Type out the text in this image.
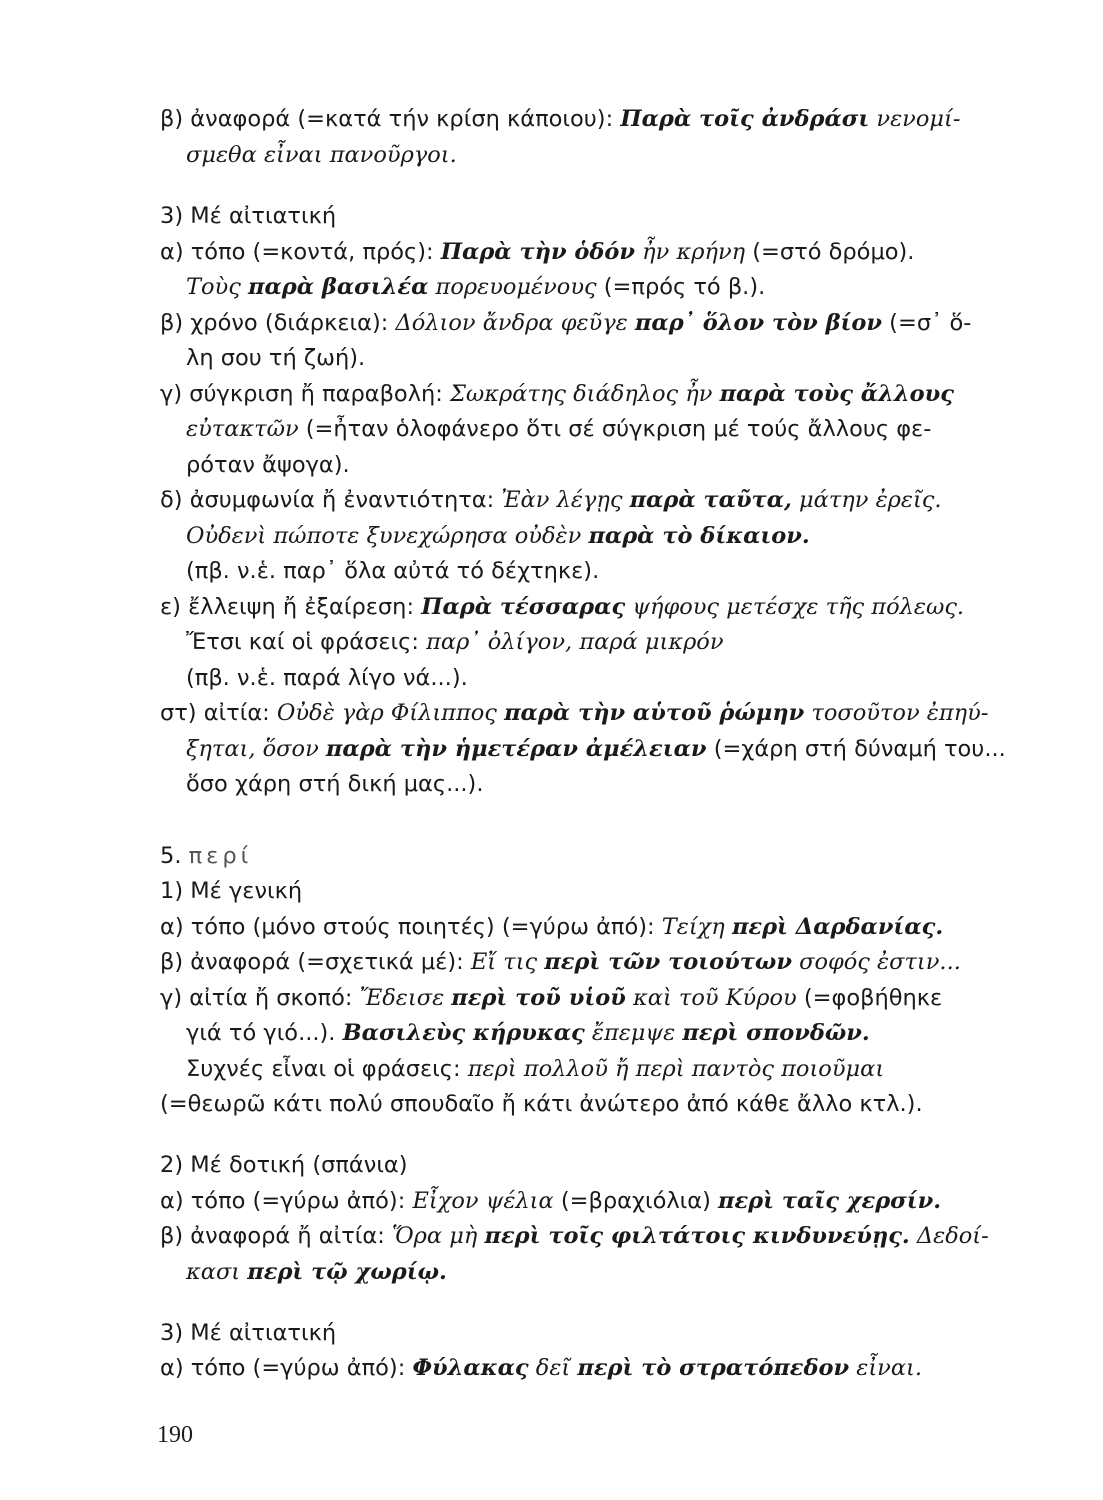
190
β) ἀναφορά (=κατά τήν κρίση κάποιου): Παρὰ τοῖς ἀνδράσι νενομί-
σμεθα εἶναι πανοῦργοι.
3) Μέ αἰτιατική
α) τόπο (=κοντά, πρός): Παρὰ τὴν ὁδόν ἦν κρήνη (=στό δρόμο).
Τοὺς παρὰ βασιλέα πορευομένους (=πρός τό β.).
β) χρόνο (διάρκεια): Δόλιον ἄνδρα φεῦγε παρ᾽ ὅλον τὸν βίον (=σ᾽ ὅ-
λη σου τή ζωή).
γ) σύγκριση ἤ παραβολή: Σωκράτης διάδηλος ἦν παρὰ τοὺς ἄλλους
εὐτακτῶν (=ἦταν ὁλοφάνερο ὅτι σέ σύγκριση μέ τούς ἄλλους φε-
ρόταν ἄψογα).
δ) ἀσυμφωνία ἤ ἐναντιότητα: Ἐὰν λέγῃς παρὰ ταῦτα, μάτην ἐρεῖς.
Οὐδενὶ πώποτε ξυνεχώρησα οὐδὲν παρὰ τὸ δίκαιον.
(πβ. ν.ἑ. παρ᾽ ὅλα αὐτά τό δέχτηκε).
ε) ἔλλειψη ἤ ἐξαίρεση: Παρὰ τέσσαρας ψήφους μετέσχε τῆς πόλεως.
Ἔτσι καί οἱ φράσεις: παρ᾽ ὀλίγον, παρά μικρόν
(πβ. ν.ἑ. παρά λίγο νά...).
στ) αἰτία: Οὐδὲ γὰρ Φίλιππος παρὰ τὴν αὑτοῦ ῥώμην τοσοῦτον ἐπηύ-
ξηται, ὅσον παρὰ τὴν ἡμετέραν ἀμέλειαν (=χάρη στή δύναμή του...
ὅσο χάρη στή δική μας...).
5. περί
1) Μέ γενική
α) τόπο (μόνο στούς ποιητές) (=γύρω ἀπό): Τείχη περὶ Δαρδανίας.
β) ἀναφορά (=σχετικά μέ): Εἴ τις περὶ τῶν τοιούτων σοφός ἐστιν...
γ) αἰτία ἤ σκοπό: Ἔδεισε περὶ τοῦ υἱοῦ καὶ τοῦ Κύρου (=φοβήθηκε
γιά τό γιό...). Βασιλεὺς κήρυκας ἔπεμψε περὶ σπονδῶν.
Συχνές εἶναι οἱ φράσεις: περὶ πολλοῦ ἤ περὶ παντὸς ποιοῦμαι
(=θεωρῶ κάτι πολύ σπουδαῖο ἤ κάτι ἀνώτερο ἀπό κάθε ἄλλο κτλ.).
2) Μέ δοτική (σπάνια)
α) τόπο (=γύρω ἀπό): Εἶχον ψέλια (=βραχιόλια) περὶ ταῖς χερσίν.
β) ἀναφορά ἤ αἰτία: Ὅρα μὴ περὶ τοῖς φιλτάτοις κινδυνεύῃς. Δεδοί-
κασι περὶ τῷ χωρίῳ.
3) Μέ αἰτιατική
α) τόπο (=γύρω ἀπό): Φύλακας δεῖ περὶ τὸ στρατόπεδον εἶναι.
